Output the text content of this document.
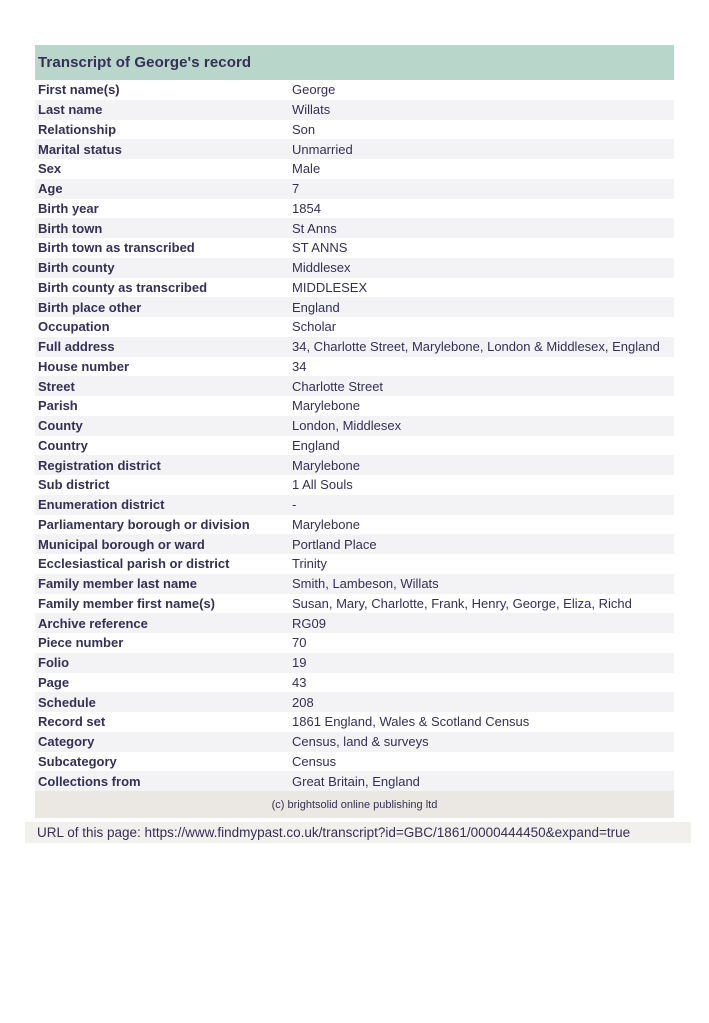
Transcript of George's record
First name(s)	George
Last name	Willats
Relationship	Son
Marital status	Unmarried
Sex	Male
Age	7
Birth year	1854
Birth town	St Anns
Birth town as transcribed	ST ANNS
Birth county	Middlesex
Birth county as transcribed	MIDDLESEX
Birth place other	England
Occupation	Scholar
Full address	34, Charlotte Street, Marylebone, London & Middlesex, England
House number	34
Street	Charlotte Street
Parish	Marylebone
County	London, Middlesex
Country	England
Registration district	Marylebone
Sub district	1 All Souls
Enumeration district	-
Parliamentary borough or division	Marylebone
Municipal borough or ward	Portland Place
Ecclesiastical parish or district	Trinity
Family member last name	Smith, Lambeson, Willats
Family member first name(s)	Susan, Mary, Charlotte, Frank, Henry, George, Eliza, Richd
Archive reference	RG09
Piece number	70
Folio	19
Page	43
Schedule	208
Record set	1861 England, Wales & Scotland Census
Category	Census, land & surveys
Subcategory	Census
Collections from	Great Britain, England
(c) brightsolid online publishing ltd
URL of this page: https://www.findmypast.co.uk/transcript?id=GBC/1861/0000444450&expand=true
